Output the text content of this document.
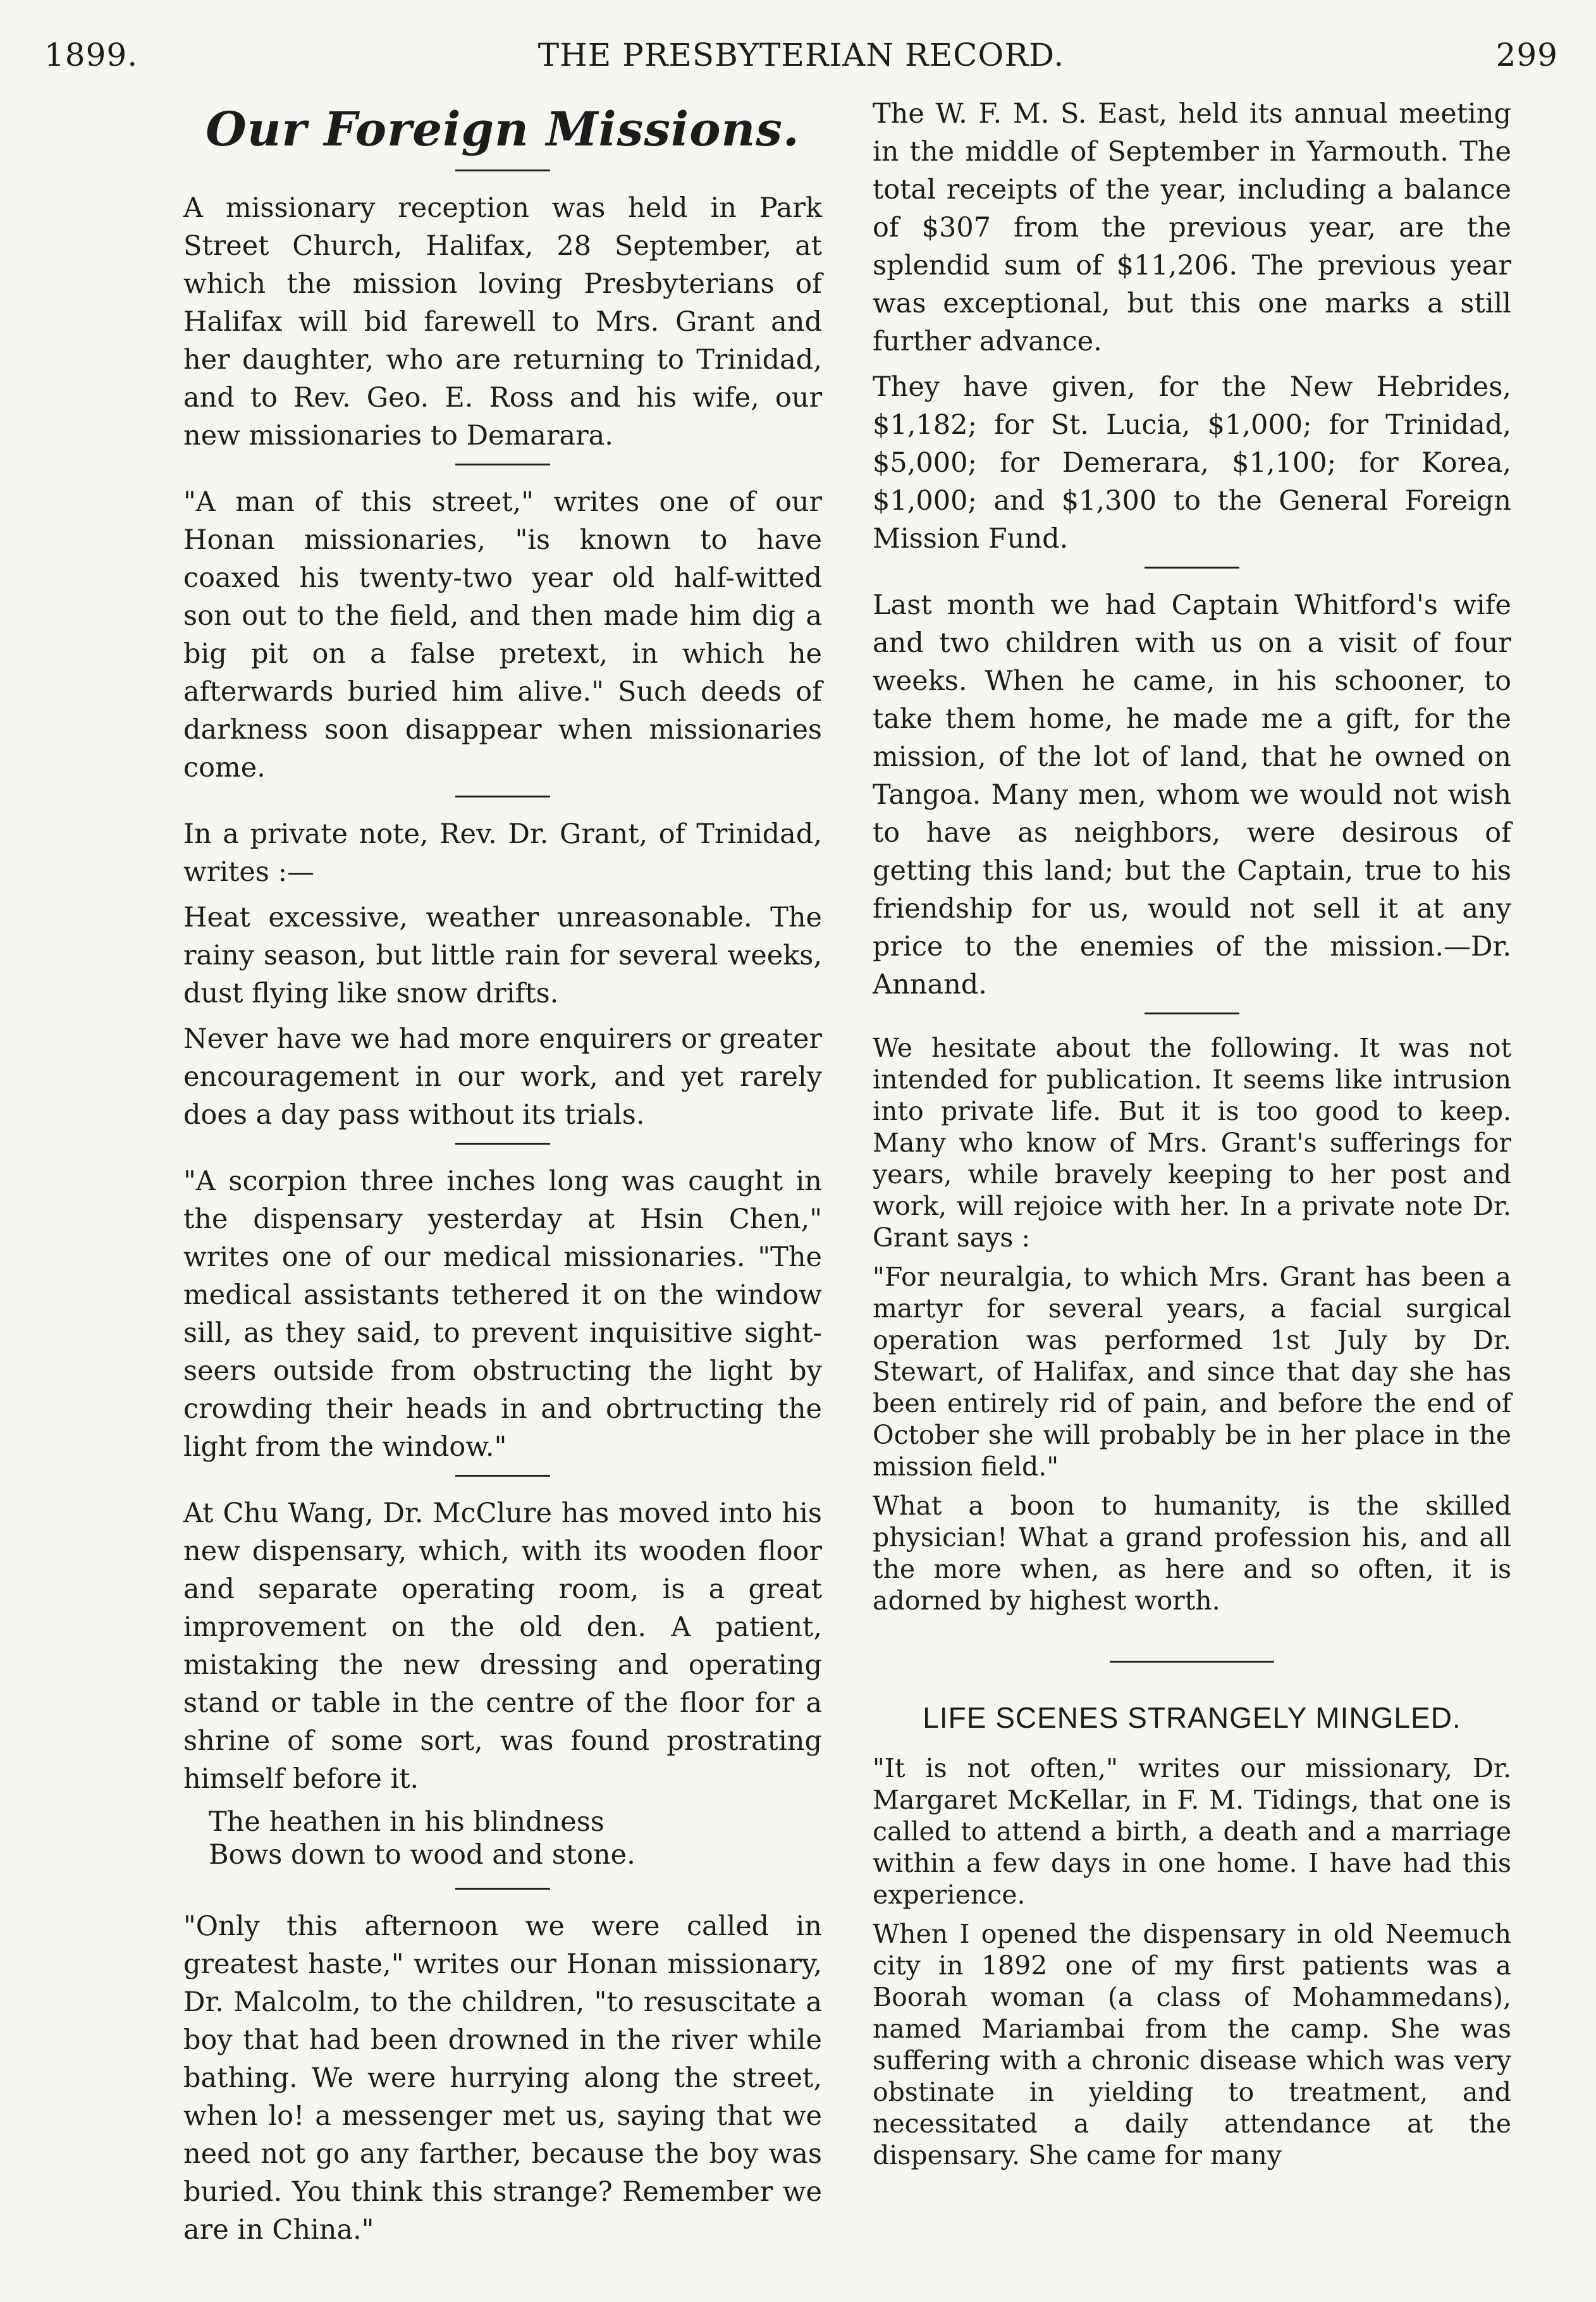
1899.	THE PRESBYTERIAN RECORD.	299
Our Foreign Missions.

A missionary reception was held in Park Street Church, Halifax, 28 September, at which the mission loving Presbyterians of Halifax will bid farewell to Mrs. Grant and her daughter, who are returning to Trinidad, and to Rev. Geo. E. Ross and his wife, our new missionaries to Demarara.

"A man of this street," writes one of our Honan missionaries, "is known to have coaxed his twenty-two year old half-witted son out to the field, and then made him dig a big pit on a false pretext, in which he afterwards buried him alive." Such deeds of darkness soon disappear when missionaries come.

In a private note, Rev. Dr. Grant, of Trinidad, writes :—

Heat excessive, weather unreasonable. The rainy season, but little rain for several weeks, dust flying like snow drifts.

Never have we had more enquirers or greater encouragement in our work, and yet rarely does a day pass without its trials.

"A scorpion three inches long was caught in the dispensary yesterday at Hsin Chen," writes one of our medical missionaries. "The medical assistants tethered it on the window sill, as they said, to prevent inquisitive sight-seers outside from obstructing the light by crowding their heads in and obrtructing the light from the window."

At Chu Wang, Dr. McClure has moved into his new dispensary, which, with its wooden floor and separate operating room, is a great improvement on the old den. A patient, mistaking the new dressing and operating stand or table in the centre of the floor for a shrine of some sort, was found prostrating himself before it.

The heathen in his blindness
Bows down to wood and stone.

"Only this afternoon we were called in greatest haste," writes our Honan missionary, Dr. Malcolm, to the children, "to resuscitate a boy that had been drowned in the river while bathing. We were hurrying along the street, when lo! a messenger met us, saying that we need not go any farther, because the boy was buried. You think this strange? Remember we are in China."

The W. F. M. S. East, held its annual meeting in the middle of September in Yarmouth. The total receipts of the year, including a balance of $307 from the previous year, are the splendid sum of $11,206. The previous year was exceptional, but this one marks a still further advance.

They have given, for the New Hebrides, $1,182; for St. Lucia, $1,000; for Trinidad, $5,000; for Demerara, $1,100; for Korea, $1,000; and $1,300 to the General Foreign Mission Fund.

Last month we had Captain Whitford's wife and two children with us on a visit of four weeks. When he came, in his schooner, to take them home, he made me a gift, for the mission, of the lot of land, that he owned on Tangoa. Many men, whom we would not wish to have as neighbors, were desirous of getting this land; but the Captain, true to his friendship for us, would not sell it at any price to the enemies of the mission.—Dr. Annand.

We hesitate about the following. It was not intended for publication. It seems like intrusion into private life. But it is too good to keep. Many who know of Mrs. Grant's sufferings for years, while bravely keeping to her post and work, will rejoice with her. In a private note Dr. Grant says :

"For neuralgia, to which Mrs. Grant has been a martyr for several years, a facial surgical operation was performed 1st July by Dr. Stewart, of Halifax, and since that day she has been entirely rid of pain, and before the end of October she will probably be in her place in the mission field."

What a boon to humanity, is the skilled physician! What a grand profession his, and all the more when, as here and so often, it is adorned by highest worth.

LIFE SCENES STRANGELY MINGLED.

"It is not often," writes our missionary, Dr. Margaret McKellar, in F. M. Tidings, that one is called to attend a birth, a death and a marriage within a few days in one home. I have had this experience.

When I opened the dispensary in old Neemuch city in 1892 one of my first patients was a Boorah woman (a class of Mohammedans), named Mariambai from the camp. She was suffering with a chronic disease which was very obstinate in yielding to treatment, and necessitated a daily attendance at the dispensary. She came for many
